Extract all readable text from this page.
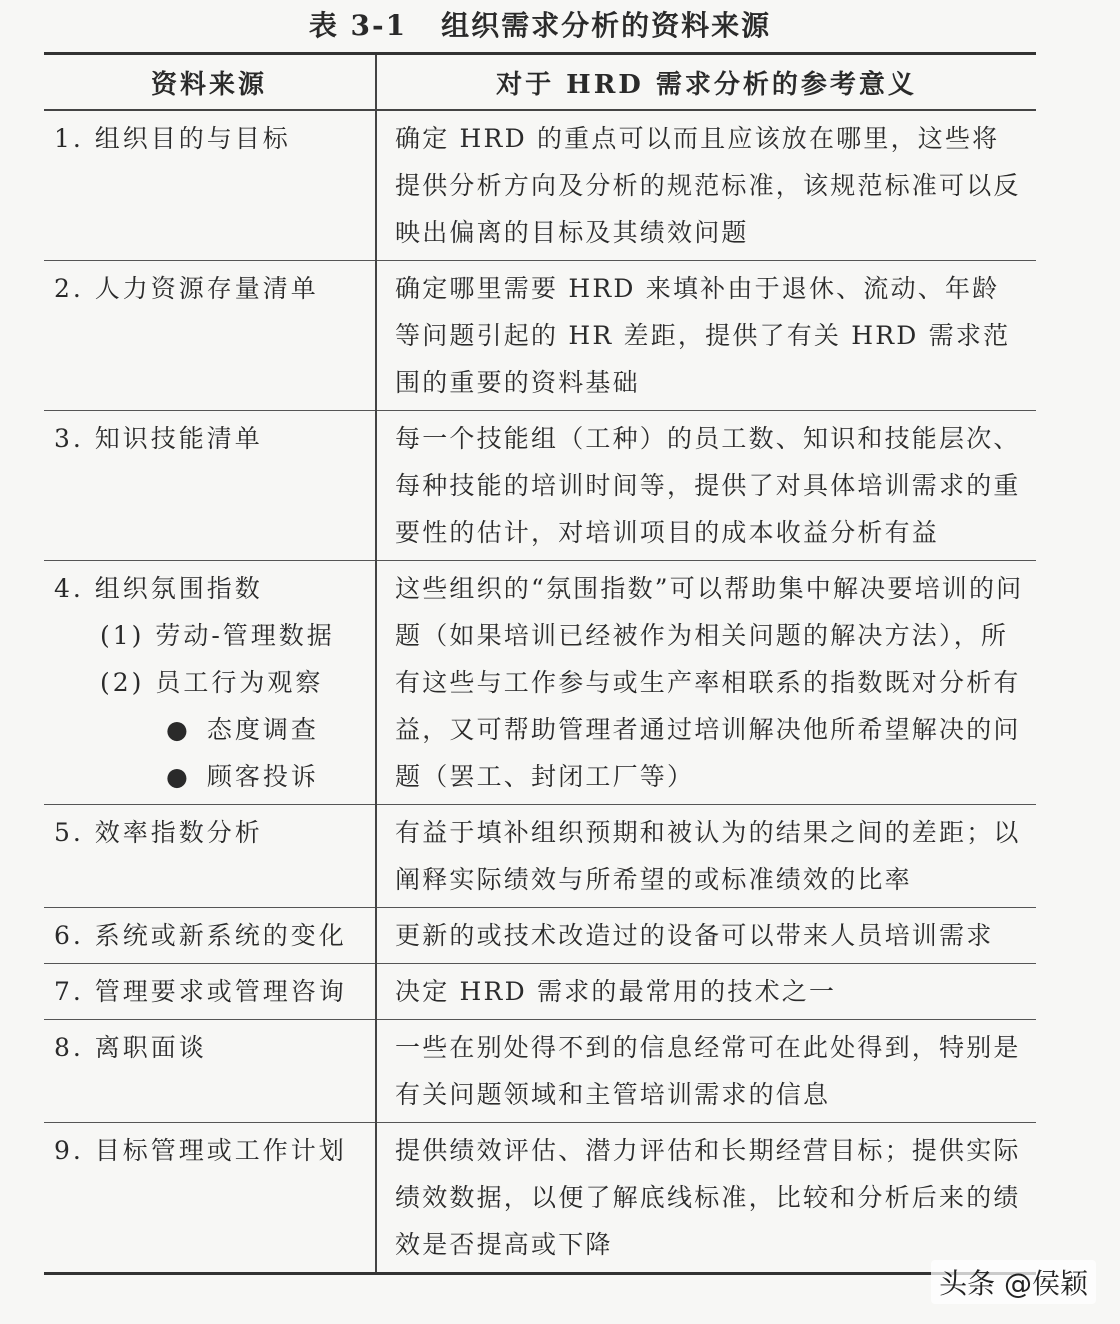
表 3-1 组织需求分析的资料来源
资料来源	对于 HRD 需求分析的参考意义
1. 组织目的与目标	确定 HRD 的重点可以而且应该放在哪里，这些将提供分析方向及分析的规范标准，该规范标准可以反映出偏离的目标及其绩效问题
2. 人力资源存量清单	确定哪里需要 HRD 来填补由于退休、流动、年龄等问题引起的 HR 差距，提供了有关 HRD 需求范围的重要的资料基础
3. 知识技能清单	每一个技能组（工种）的员工数、知识和技能层次、每种技能的培训时间等，提供了对具体培训需求的重要性的估计，对培训项目的成本收益分析有益

4. 组织氛围指数
(1) 劳动-管理数据
(2) 员工行为观察
● 态度调查
● 顾客投诉	这些组织的“氛围指数”可以帮助集中解决要培训的问题（如果培训已经被作为相关问题的解决方法），所有这些与工作参与或生产率相联系的指数既对分析有益，又可帮助管理者通过培训解决他所希望解决的问题（罢工、封闭工厂等）
5. 效率指数分析	有益于填补组织预期和被认为的结果之间的差距；以阐释实际绩效与所希望的或标准绩效的比率
6. 系统或新系统的变化	更新的或技术改造过的设备可以带来人员培训需求
7. 管理要求或管理咨询	决定 HRD 需求的最常用的技术之一
8. 离职面谈	一些在别处得不到的信息经常可在此处得到，特别是有关问题领域和主管培训需求的信息
9. 目标管理或工作计划	提供绩效评估、潜力评估和长期经营目标；提供实际绩效数据，以便了解底线标准，比较和分析后来的绩效是否提高或下降
头条 @侯颖
